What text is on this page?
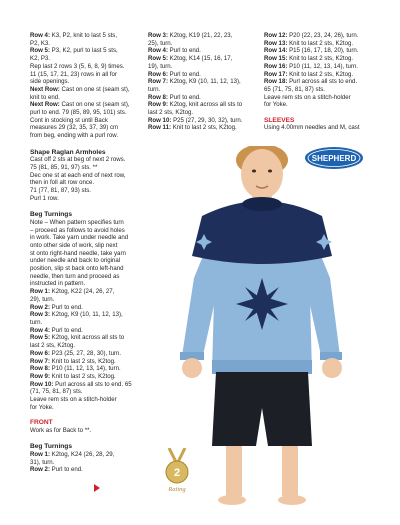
Row 4: K3, P2, knit to last 5 sts,
P2, K3.

Row 5: P3, K2, purl to last 5 sts,
K2, P3.

Rep last 2 rows 3 (5, 6, 8, 9) times.
11 (15, 17, 21, 23) rows in all for
side openings.

Next Row: Cast on one st (seam st),
knit to end.

Next Row: Cast on one st (seam st),
purl to end. 79 (85, 89, 95, 101) sts.
Cont in stocking st until Back
measures 29 (32, 35, 37, 39) cm
from beg, ending with a purl row.

Shape Raglan Armholes

Cast off 2 sts at beg of next 2 rows.
75 (81, 85, 91, 97) sts. **
Dec one st at each end of next row,
then in foll alt row once.
71 (77, 81, 87, 93) sts.
Purl 1 row.

Beg Turnings

Note – When pattern specifies turn
– proceed as follows to avoid holes
in work. Take yarn under needle and
onto other side of work, slip next
st onto right-hand needle, take yarn
under needle and back to original
position, slip st back onto left-hand
needle, then turn and proceed as
instructed in pattern.

Row 1: K2tog, K22 (24, 26, 27,
29), turn.

Row 2: Purl to end.

Row 3: K2tog, K9 (10, 11, 12, 13),
turn.

Row 4: Purl to end.

Row 5: K2tog, knit across all sts to
last 2 sts, K2tog.

Row 6: P23 (25, 27, 28, 30), turn.

Row 7: Knit to last 2 sts, K2tog.

Row 8: P10 (11, 12, 13, 14), turn.

Row 9: Knit to last 2 sts, K2tog.

Row 10: Purl across all sts to end. 65
(71, 75, 81, 87) sts.
Leave rem sts on a stitch-holder
for Yoke.

FRONT

Work as for Back to **.

Beg Turnings

Row 1: K2tog, K24 (26, 28, 29,
31), turn.

Row 2: Purl to end.

Row 3: K2tog, K19 (21, 22, 23,
25), turn.

Row 4: Purl to end.

Row 5: K2tog, K14 (15, 16, 17,
19), turn.

Row 6: Purl to end.

Row 7: K2tog, K9 (10, 11, 12, 13),
turn.

Row 8: Purl to end.

Row 9: K2tog, knit across all sts to
last 2 sts, K2tog.

Row 10: P25 (27, 29, 30, 32), turn.

Row 11: Knit to last 2 sts, K2tog.

Row 12: P20 (22, 23, 24, 26), turn.

Row 13: Knit to last 2 sts, K2tog.

Row 14: P15 (16, 17, 18, 20), turn.

Row 15: Knit to last 2 sts, K2tog.

Row 16: P10 (11, 12, 13, 14), turn.

Row 17: Knit to last 2 sts, K2tog.

Row 18: Purl across all sts to end.
65 (71, 75, 81, 87) sts.
Leave rem sts on a stitch-holder
for Yoke.

SLEEVES

Using 4.00mm needles and M, cast

SHEPHERD
2
Rating
